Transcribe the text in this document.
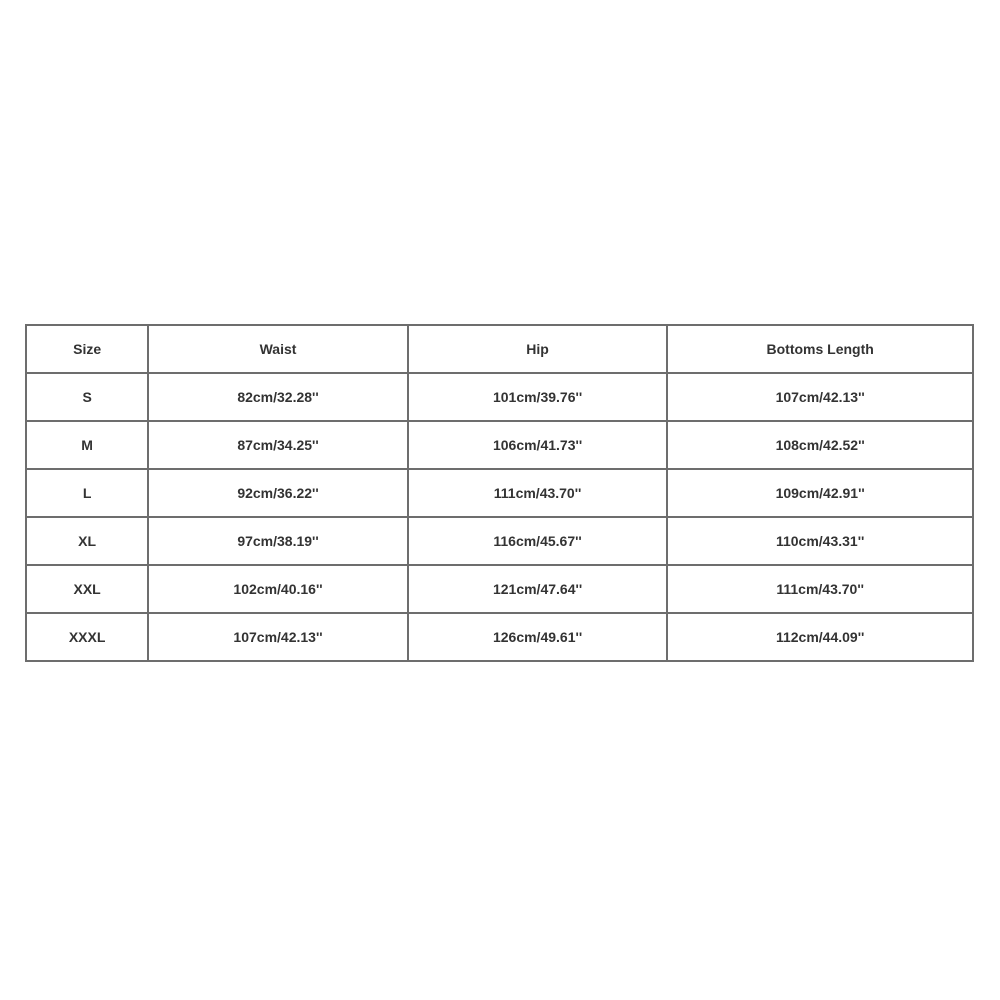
Size	Waist	Hip	Bottoms Length
S	82cm/32.28''	101cm/39.76''	107cm/42.13''
M	87cm/34.25''	106cm/41.73''	108cm/42.52''
L	92cm/36.22''	111cm/43.70''	109cm/42.91''
XL	97cm/38.19''	116cm/45.67''	110cm/43.31''
XXL	102cm/40.16''	121cm/47.64''	111cm/43.70''
XXXL	107cm/42.13''	126cm/49.61''	112cm/44.09''
